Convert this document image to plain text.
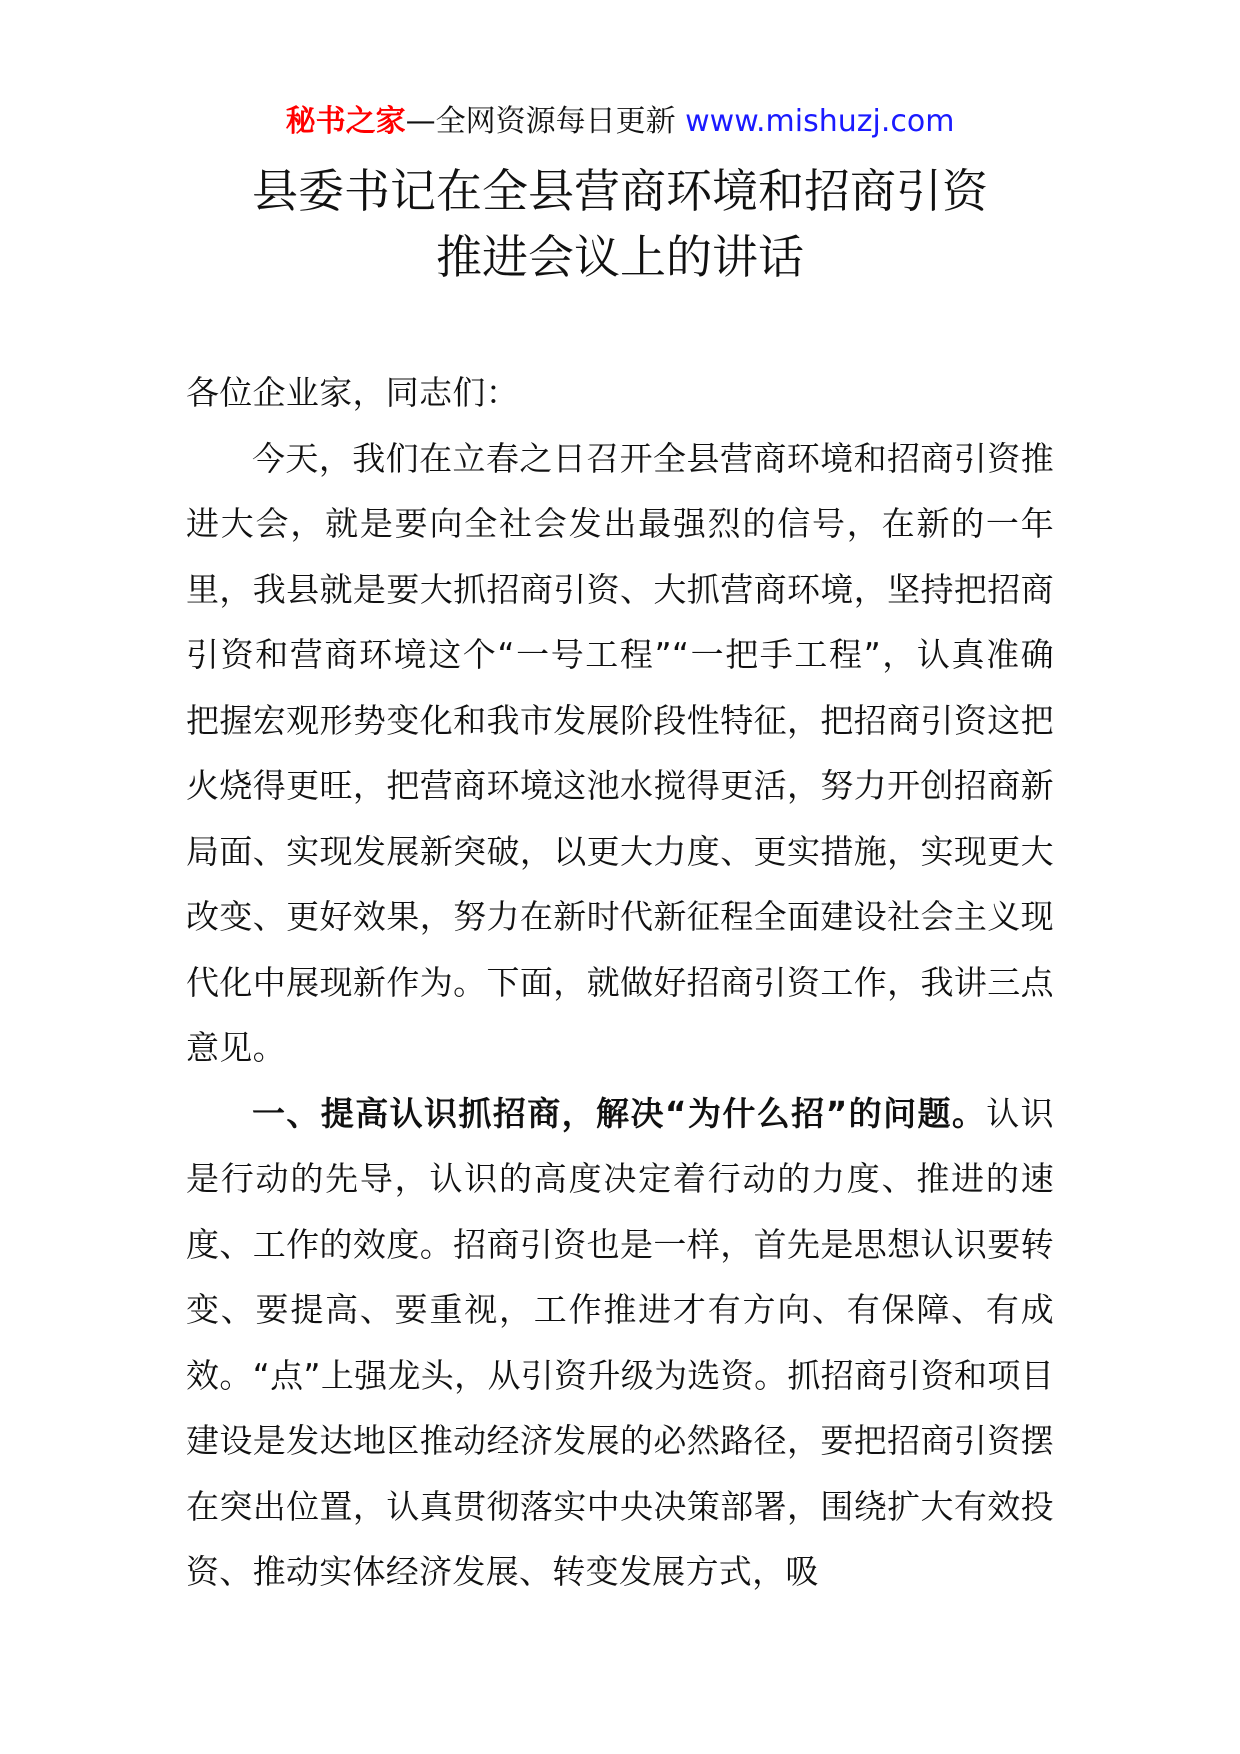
秘书之家—全网资源每日更新 www.mishuzj.com
县委书记在全县营商环境和招商引资
推进会议上的讲话

各位企业家，同志们：

今天，我们在立春之日召开全县营商环境和招商引资推进大会，就是要向全社会发出最强烈的信号，在新的一年里，我县就是要大抓招商引资、大抓营商环境，坚持把招商引资和营商环境这个“一号工程”“一把手工程”，认真准确把握宏观形势变化和我市发展阶段性特征，把招商引资这把火烧得更旺，把营商环境这池水搅得更活，努力开创招商新局面、实现发展新突破，以更大力度、更实措施，实现更大改变、更好效果，努力在新时代新征程全面建设社会主义现代化中展现新作为。下面，就做好招商引资工作，我讲三点意见。

一、提高认识抓招商，解决“为什么招”的问题。认识是行动的先导，认识的高度决定着行动的力度、推进的速度、工作的效度。招商引资也是一样，首先是思想认识要转变、要提高、要重视，工作推进才有方向、有保障、有成效。“点”上强龙头，从引资升级为选资。抓招商引资和项目建设是发达地区推动经济发展的必然路径，要把招商引资摆在突出位置，认真贯彻落实中央决策部署，围绕扩大有效投资、推动实体经济发展、转变发展方式，吸
